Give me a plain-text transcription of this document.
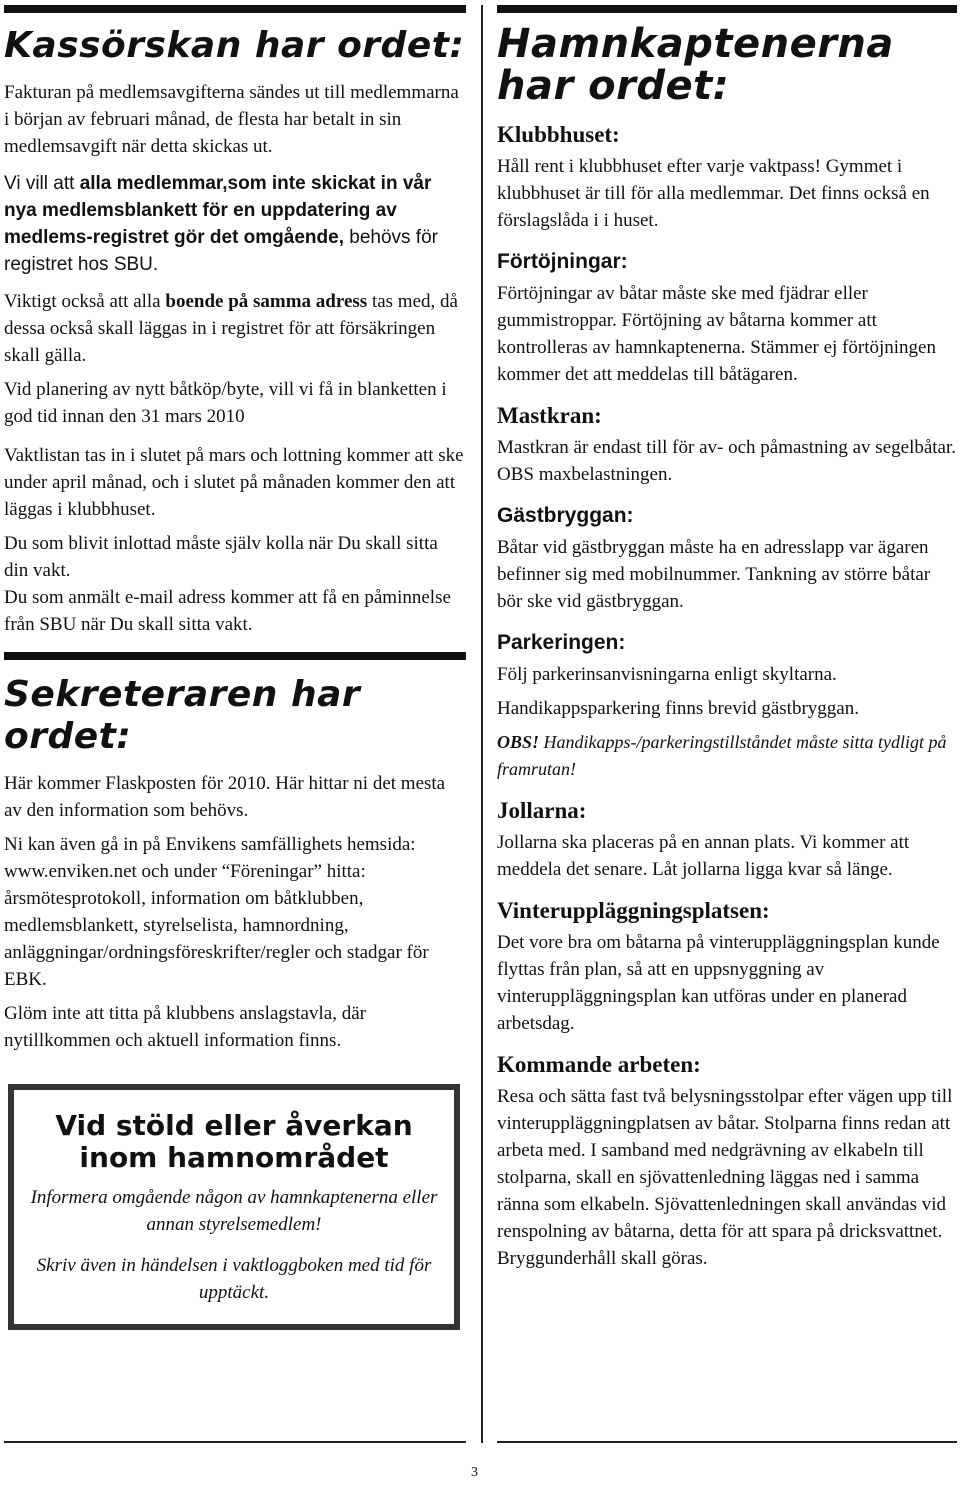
Kassörskan har ordet:

Fakturan på medlemsavgifterna sändes ut till medlemmarna i början av februari månad, de flesta har betalt in sin medlemsavgift när detta skickas ut.

Vi vill att alla medlemmar,som inte skickat in vår nya medlemsblankett för en uppdatering av medlems-registret gör det omgående, behövs för registret hos SBU.

Viktigt också att alla boende på samma adress tas med, då dessa också skall läggas in i registret för att försäkringen skall gälla.

Vid planering av nytt båtköp/byte, vill vi få in blanketten i god tid innan den 31 mars 2010

Vaktlistan tas in i slutet på mars och lottning kommer att ske under april månad, och i slutet på månaden kommer den att läggas i klubbhuset.

Du som blivit inlottad måste själv kolla när Du skall sitta din vakt.

Du som anmält e-mail adress kommer att få en påminnelse från SBU när Du skall sitta vakt.

Sekreteraren har ordet:

Här kommer Flaskposten för 2010. Här hittar ni det mesta av den information som behövs.

Ni kan även gå in på Envikens samfällighets hemsida: www.enviken.net och under “Föreningar” hitta: årsmötesprotokoll, information om båtklubben, medlemsblankett, styrelselista, hamnordning, anläggningar/ordningsföreskrifter/regler och stadgar för EBK.

Glöm inte att titta på klubbens anslagstavla, där nytillkommen och aktuell information finns.

Vid stöld eller åverkan inom hamnområdet

Informera omgående någon av hamnkaptenerna eller annan styrelsemedlem!

Skriv även in händelsen i vaktloggboken med tid för upptäckt.

Hamnkaptenerna har ordet:
Klubbhuset:

Håll rent i klubbhuset efter varje vaktpass! Gymmet i klubbhuset är till för alla medlemmar. Det finns också en förslagslåda i i huset.

Förtöjningar:

Förtöjningar av båtar måste ske med fjädrar eller gummistroppar. Förtöjning av båtarna kommer att kontrolleras av hamnkaptenerna. Stämmer ej förtöjningen kommer det att meddelas till båtägaren.

Mastkran:

Mastkran är endast till för av- och påmastning av segelbåtar. OBS maxbelastningen.

Gästbryggan:

Båtar vid gästbryggan måste ha en adresslapp var ägaren befinner sig med mobilnummer. Tankning av större båtar bör ske vid gästbryggan.

Parkeringen:

Följ parkerinsanvisningarna enligt skyltarna.

Handikappsparkering finns brevid gästbryggan.

OBS! Handikapps-/parkeringstillståndet måste sitta tydligt på framrutan!

Jollarna:

Jollarna ska placeras på en annan plats. Vi kommer att meddela det senare. Låt jollarna ligga kvar så länge.

Vinteruppläggningsplatsen:

Det vore bra om båtarna på vinteruppläggningsplan kunde flyttas från plan, så att en uppsnyggning av vinteruppläggningsplan kan utföras under en planerad arbetsdag.

Kommande arbeten:

Resa och sätta fast två belysningsstolpar efter vägen upp till vinteruppläggningplatsen av båtar. Stolparna finns redan att arbeta med. I samband med nedgrävning av elkabeln till stolparna, skall en sjövattenledning läggas ned i samma ränna som elkabeln. Sjövattenledningen skall användas vid renspolning av båtarna, detta för att spara på dricksvattnet. Bryggunderhåll skall göras.

3
